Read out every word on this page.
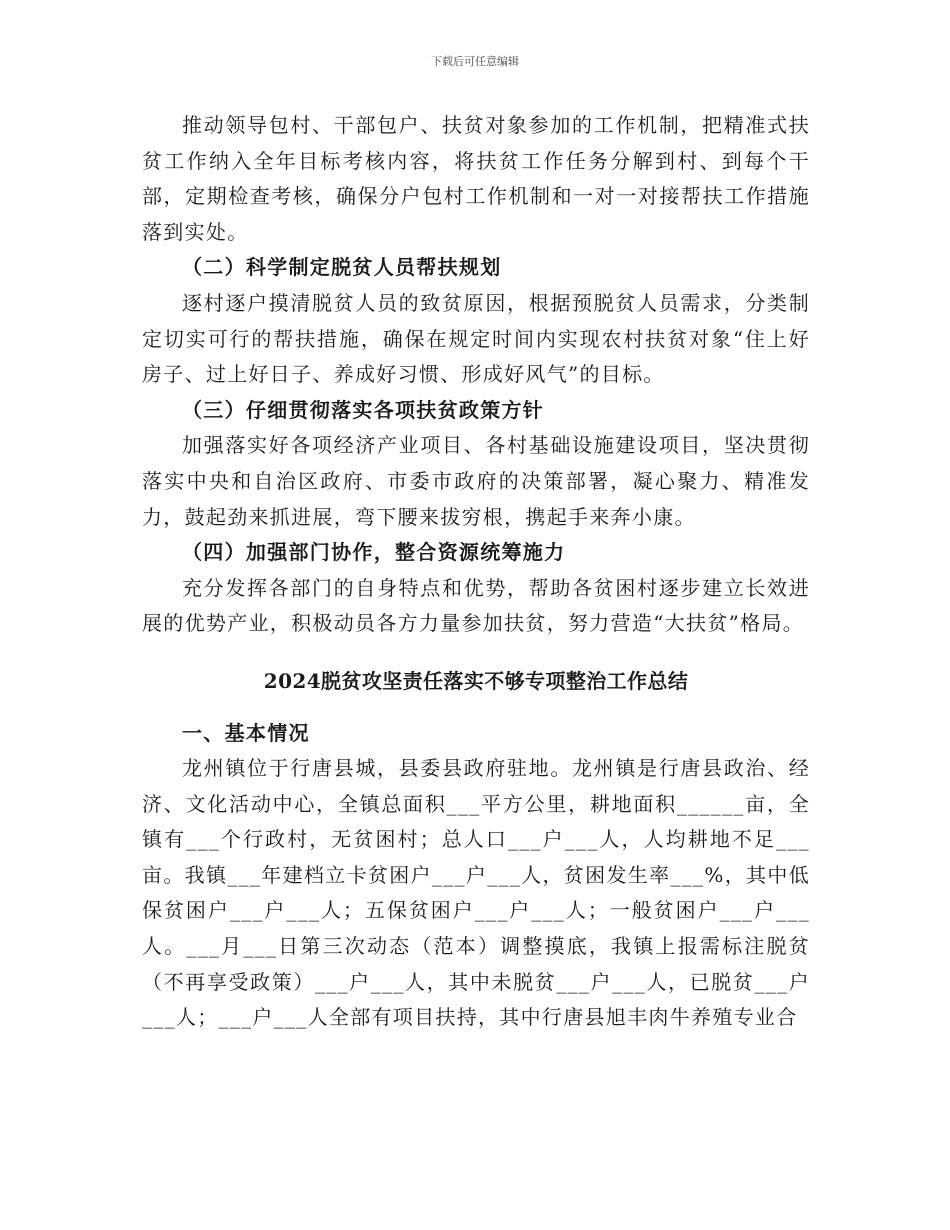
下载后可任意编辑

推动领导包村、干部包户、扶贫对象参加的工作机制，把精准式扶贫工作纳入全年目标考核内容，将扶贫工作任务分解到村、到每个干部，定期检查考核，确保分户包村工作机制和一对一对接帮扶工作措施落到实处。

（二）科学制定脱贫人员帮扶规划

逐村逐户摸清脱贫人员的致贫原因，根据预脱贫人员需求，分类制定切实可行的帮扶措施，确保在规定时间内实现农村扶贫对象“住上好房子、过上好日子、养成好习惯、形成好风气”的目标。

（三）仔细贯彻落实各项扶贫政策方针

加强落实好各项经济产业项目、各村基础设施建设项目，坚决贯彻落实中央和自治区政府、市委市政府的决策部署，凝心聚力、精准发力，鼓起劲来抓进展，弯下腰来拔穷根，携起手来奔小康。

（四）加强部门协作，整合资源统筹施力

充分发挥各部门的自身特点和优势，帮助各贫困村逐步建立长效进展的优势产业，积极动员各方力量参加扶贫，努力营造“大扶贫”格局。

2024脱贫攻坚责任落实不够专项整治工作总结

一、基本情况

龙州镇位于行唐县城，县委县政府驻地。龙州镇是行唐县政治、经济、文化活动中心，全镇总面积___平方公里，耕地面积______亩，全镇有___个行政村，无贫困村；总人口___户___人，人均耕地不足___亩。我镇___年建档立卡贫困户___户___人，贫困发生率___%，其中低保贫困户___户___人；五保贫困户___户___人；一般贫困户___户___人。___月___日第三次动态（范本）调整摸底，我镇上报需标注脱贫（不再享受政策）___户___人，其中未脱贫___户___人，已脱贫___户___人；___户___人全部有项目扶持，其中行唐县旭丰肉牛养殖专业合
